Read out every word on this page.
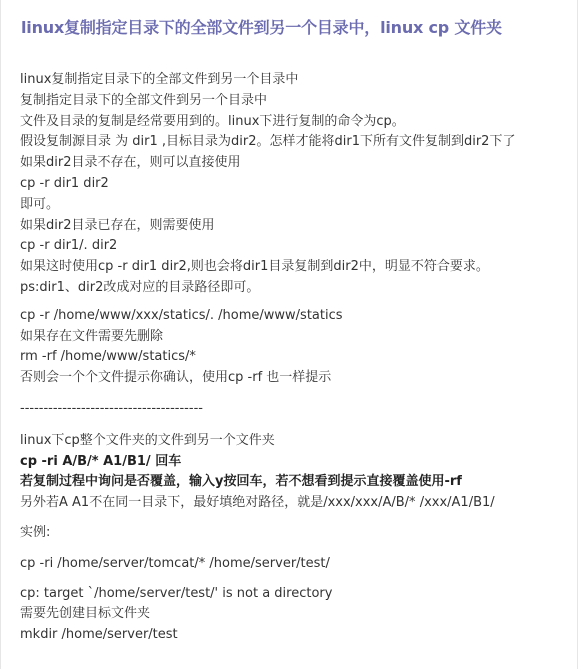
linux复制指定目录下的全部文件到另一个目录中，linux cp 文件夹
linux复制指定目录下的全部文件到另一个目录中
复制指定目录下的全部文件到另一个目录中
文件及目录的复制是经常要用到的。linux下进行复制的命令为cp。
假设复制源目录 为 dir1 ,目标目录为dir2。怎样才能将dir1下所有文件复制到dir2下了
如果dir2目录不存在，则可以直接使用
cp -r dir1 dir2
即可。
如果dir2目录已存在，则需要使用
cp -r dir1/. dir2
如果这时使用cp -r dir1 dir2,则也会将dir1目录复制到dir2中，明显不符合要求。
ps:dir1、dir2改成对应的目录路径即可。
cp -r /home/www/xxx/statics/. /home/www/statics
如果存在文件需要先删除
rm -rf /home/www/statics/*
否则会一个个文件提示你确认，使用cp -rf 也一样提示
---------------------------------------
linux下cp整个文件夹的文件到另一个文件夹
cp -ri A/B/* A1/B1/ 回车
若复制过程中询问是否覆盖，输入y按回车，若不想看到提示直接覆盖使用-rf
另外若A A1不在同一目录下，最好填绝对路径，就是/xxx/xxx/A/B/* /xxx/A1/B1/
实例:
cp -ri /home/server/tomcat/* /home/server/test/
cp: target `/home/server/test/' is not a directory
需要先创建目标文件夹
mkdir /home/server/test
